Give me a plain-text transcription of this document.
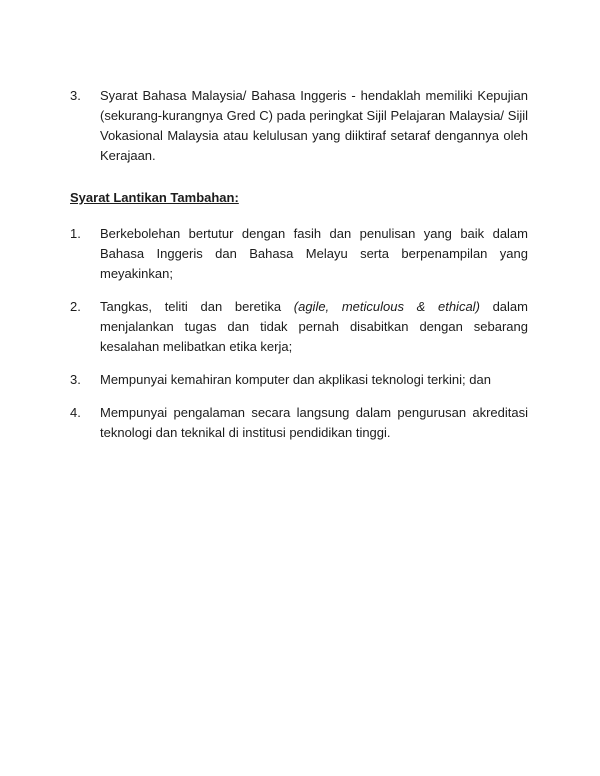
3.	Syarat Bahasa Malaysia/ Bahasa Inggeris - hendaklah memiliki Kepujian (sekurang-kurangnya Gred C) pada peringkat Sijil Pelajaran Malaysia/ Sijil Vokasional Malaysia atau kelulusan yang diiktiraf setaraf dengannya oleh Kerajaan.

Syarat Lantikan Tambahan:
1.	Berkebolehan bertutur dengan fasih dan penulisan yang baik dalam Bahasa Inggeris dan Bahasa Melayu serta berpenampilan yang meyakinkan;

2.	Tangkas, teliti dan beretika (agile, meticulous & ethical) dalam menjalankan tugas dan tidak pernah disabitkan dengan sebarang kesalahan melibatkan etika kerja;

3.	Mempunyai kemahiran komputer dan akplikasi teknologi terkini; dan

4.	Mempunyai pengalaman secara langsung dalam pengurusan akreditasi teknologi dan teknikal di institusi pendidikan tinggi.
